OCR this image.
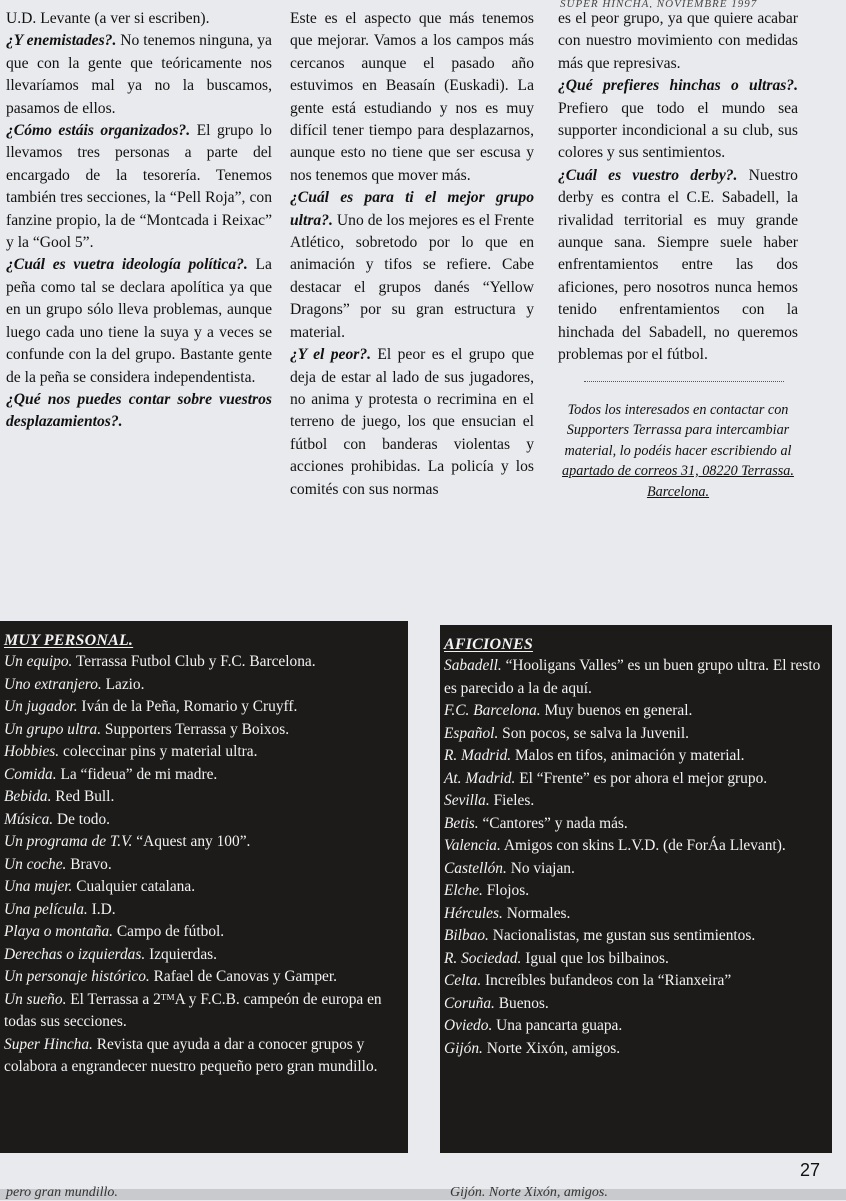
SUPER HINCHA, NOVIEMBRE 1997

U.D. Levante (a ver si escriben).

¿Y enemistades?. No tenemos ninguna, ya que con la gente que teóricamente nos llevaríamos mal ya no la buscamos, pasamos de ellos.

¿Cómo estáis organizados?. El grupo lo llevamos tres personas a parte del encargado de la tesorería. Tenemos también tres secciones, la “Pell Roja”, con fanzine propio, la de “Montcada i Reixac” y la “Gool 5”.

¿Cuál es vuetra ideología política?. La peña como tal se declara apolítica ya que en un grupo sólo lleva problemas, aunque luego cada uno tiene la suya y a veces se confunde con la del grupo. Bastante gente de la peña se considera independentista.

¿Qué nos puedes contar sobre vuestros desplazamientos?.

Este es el aspecto que más tenemos que mejorar. Vamos a los campos más cercanos aunque el pasado año estuvimos en Beasaín (Euskadi). La gente está estudiando y nos es muy difícil tener tiempo para desplazarnos, aunque esto no tiene que ser escusa y nos tenemos que mover más.

¿Cuál es para ti el mejor grupo ultra?. Uno de los mejores es el Frente Atlético, sobretodo por lo que en animación y tifos se refiere. Cabe destacar el grupos danés “Yellow Dragons” por su gran estructura y material.

¿Y el peor?. El peor es el grupo que deja de estar al lado de sus jugadores, no anima y protesta o recrimina en el terreno de juego, los que ensucian el fútbol con banderas violentas y acciones prohibidas. La policía y los comités con sus normas

es el peor grupo, ya que quiere acabar con nuestro movimiento con medidas más que represivas.

¿Qué prefieres hinchas o ultras?. Prefiero que todo el mundo sea supporter incondicional a su club, sus colores y sus sentimientos.

¿Cuál es vuestro derby?. Nuestro derby es contra el C.E. Sabadell, la rivalidad territorial es muy grande aunque sana. Siempre suele haber enfrentamientos entre las dos aficiones, pero nosotros nunca hemos tenido enfrentamientos con la hinchada del Sabadell, no queremos problemas por el fútbol.

Todos los interesados en contactar con Supporters Terrassa para intercambiar material, lo podéis hacer escribiendo al apartado de correos 31, 08220 Terrassa. Barcelona.

MUY PERSONAL.
Un equipo. Terrassa Futbol Club y F.C. Barcelona.
Uno extranjero. Lazio.
Un jugador. Iván de la Peña, Romario y Cruyff.
Un grupo ultra. Supporters Terrassa y Boixos.
Hobbies. coleccinar pins y material ultra.
Comida. La “fideua” de mi madre.
Bebida. Red Bull.
Música. De todo.
Un programa de T.V. “Aquest any 100”.
Un coche. Bravo.
Una mujer. Cualquier catalana.
Una película. I.D.
Playa o montaña. Campo de fútbol.
Derechas o izquierdas. Izquierdas.
Un personaje histórico. Rafael de Canovas y Gamper.
Un sueño. El Terrassa a 2ᵀᴹA y F.C.B. campeón de europa en todas sus secciones.
Super Hincha. Revista que ayuda a dar a conocer grupos y colabora a engrandecer nuestro pequeño pero gran mundillo.
AFICIONES
Sabadell. “Hooligans Valles” es un buen grupo ultra. El resto es parecido a la de aquí.
F.C. Barcelona. Muy buenos en general.
Español. Son pocos, se salva la Juvenil.
R. Madrid. Malos en tifos, animación y material.
At. Madrid. El “Frente” es por ahora el mejor grupo.
Sevilla. Fieles.
Betis. “Cantores” y nada más.
Valencia. Amigos con skins L.V.D. (de ForÁa Llevant).
Castellón. No viajan.
Elche. Flojos.
Hércules. Normales.
Bilbao. Nacionalistas, me gustan sus sentimientos.
R. Sociedad. Igual que los bilbainos.
Celta. Increíbles bufandeos con la “Rianxeira”
Coruña. Buenos.
Oviedo. Una pancarta guapa.
Gijón. Norte Xixón, amigos.
27
pero gran mundillo.	Gijón. Norte Xixón, amigos.
